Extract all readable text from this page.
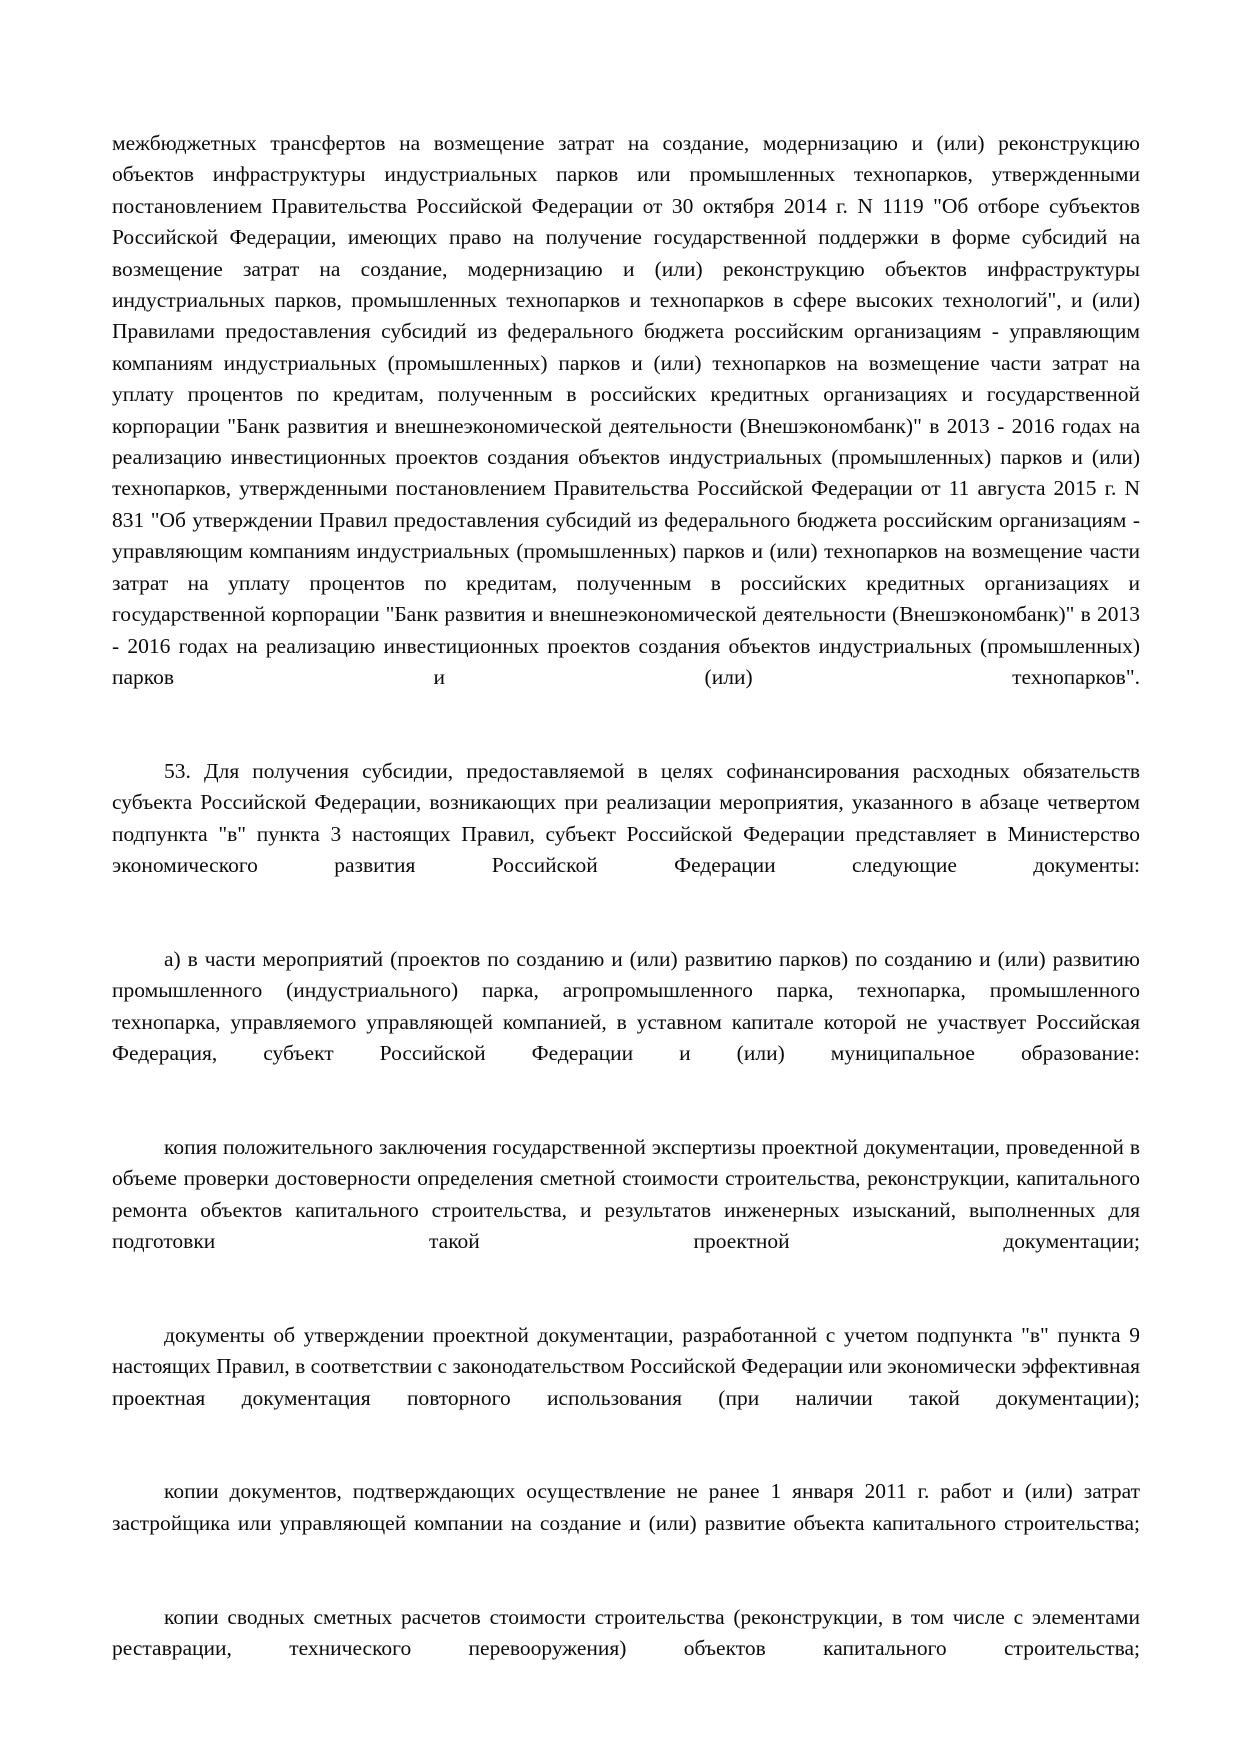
межбюджетных трансфертов на возмещение затрат на создание, модернизацию и (или) реконструкцию объектов инфраструктуры индустриальных парков или промышленных технопарков, утвержденными постановлением Правительства Российской Федерации от 30 октября 2014 г. N 1119 "Об отборе субъектов Российской Федерации, имеющих право на получение государственной поддержки в форме субсидий на возмещение затрат на создание, модернизацию и (или) реконструкцию объектов инфраструктуры индустриальных парков, промышленных технопарков и технопарков в сфере высоких технологий", и (или) Правилами предоставления субсидий из федерального бюджета российским организациям - управляющим компаниям индустриальных (промышленных) парков и (или) технопарков на возмещение части затрат на уплату процентов по кредитам, полученным в российских кредитных организациях и государственной корпорации "Банк развития и внешнеэкономической деятельности (Внешэкономбанк)" в 2013 - 2016 годах на реализацию инвестиционных проектов создания объектов индустриальных (промышленных) парков и (или) технопарков, утвержденными постановлением Правительства Российской Федерации от 11 августа 2015 г. N 831 "Об утверждении Правил предоставления субсидий из федерального бюджета российским организациям - управляющим компаниям индустриальных (промышленных) парков и (или) технопарков на возмещение части затрат на уплату процентов по кредитам, полученным в российских кредитных организациях и государственной корпорации "Банк развития и внешнеэкономической деятельности (Внешэкономбанк)" в 2013 - 2016 годах на реализацию инвестиционных проектов создания объектов индустриальных (промышленных) парков и (или) технопарков".

53. Для получения субсидии, предоставляемой в целях софинансирования расходных обязательств субъекта Российской Федерации, возникающих при реализации мероприятия, указанного в абзаце четвертом подпункта "в" пункта 3 настоящих Правил, субъект Российской Федерации представляет в Министерство экономического развития Российской Федерации следующие документы:

а) в части мероприятий (проектов по созданию и (или) развитию парков) по созданию и (или) развитию промышленного (индустриального) парка, агропромышленного парка, технопарка, промышленного технопарка, управляемого управляющей компанией, в уставном капитале которой не участвует Российская Федерация, субъект Российской Федерации и (или) муниципальное образование:

копия положительного заключения государственной экспертизы проектной документации, проведенной в объеме проверки достоверности определения сметной стоимости строительства, реконструкции, капитального ремонта объектов капитального строительства, и результатов инженерных изысканий, выполненных для подготовки такой проектной документации;

документы об утверждении проектной документации, разработанной с учетом подпункта "в" пункта 9 настоящих Правил, в соответствии с законодательством Российской Федерации или экономически эффективная проектная документация повторного использования (при наличии такой документации);

копии документов, подтверждающих осуществление не ранее 1 января 2011 г. работ и (или) затрат застройщика или управляющей компании на создание и (или) развитие объекта капитального строительства;

копии сводных сметных расчетов стоимости строительства (реконструкции, в том числе с элементами реставрации, технического перевооружения) объектов капитального строительства;
